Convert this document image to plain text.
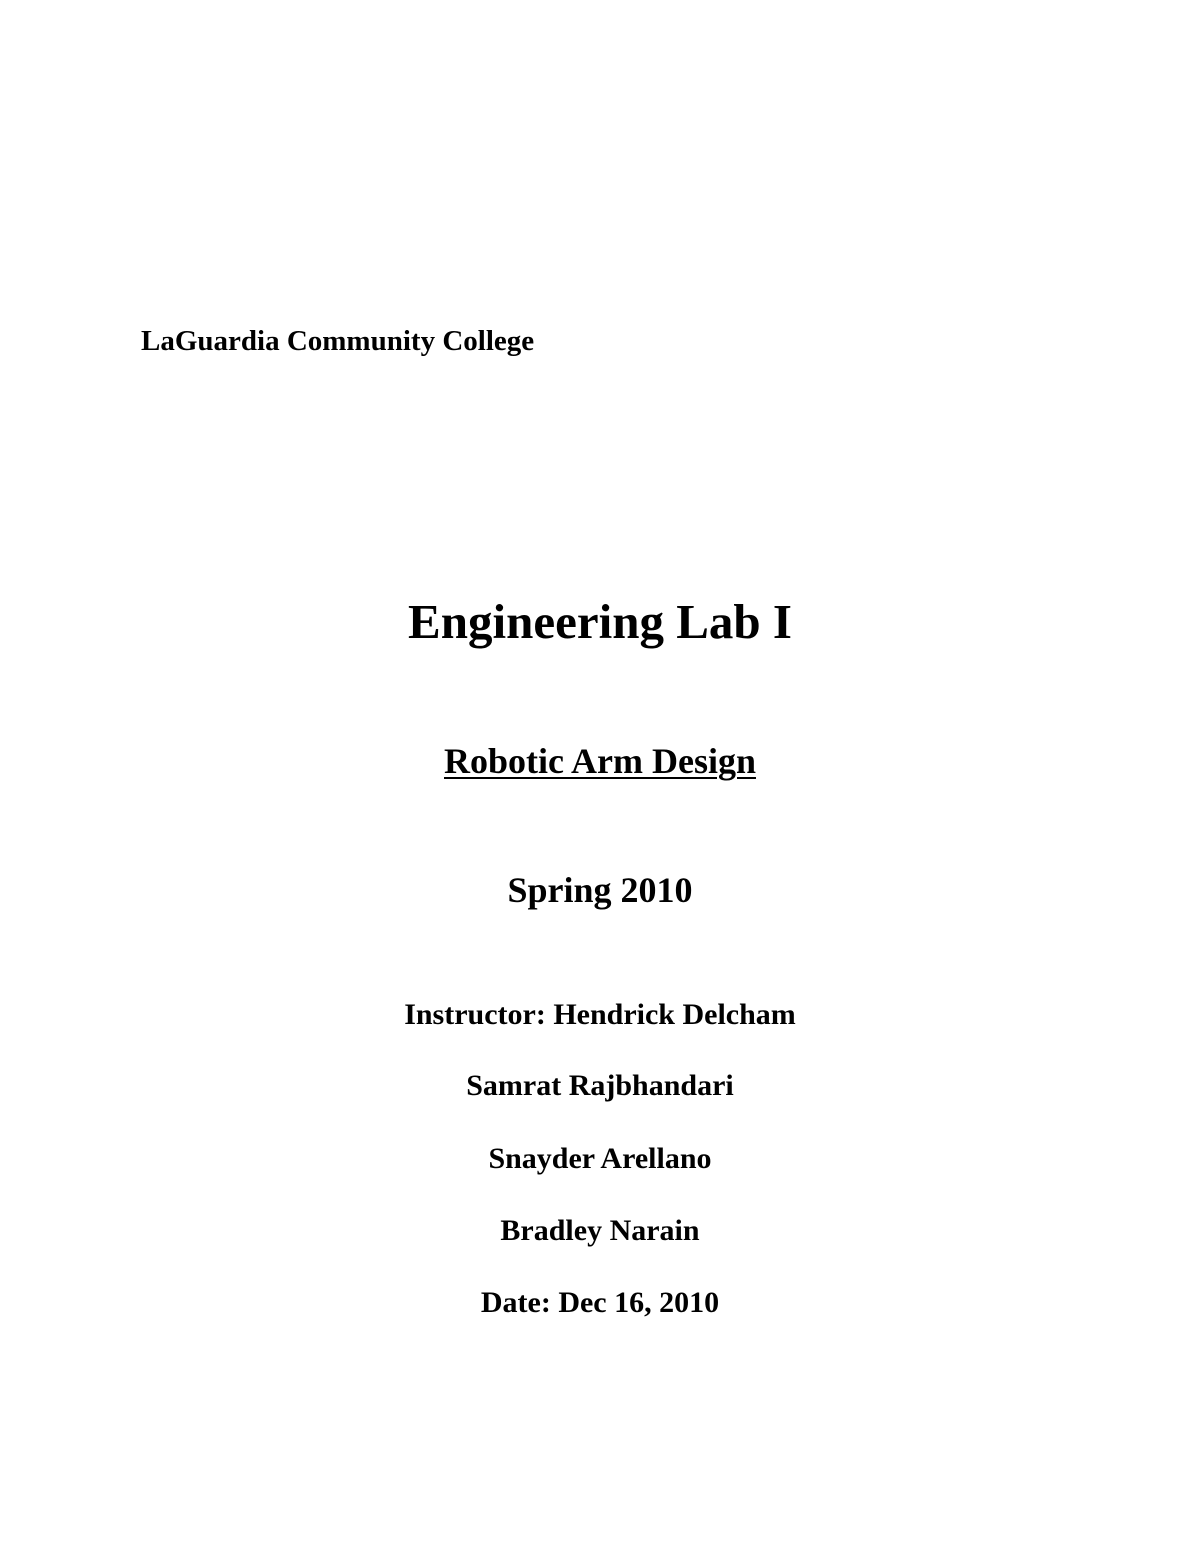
LaGuardia Community College

Engineering Lab I
Robotic Arm Design
Spring 2010

Instructor: Hendrick Delcham

Samrat Rajbhandari

Snayder Arellano

Bradley Narain

Date: Dec 16, 2010
